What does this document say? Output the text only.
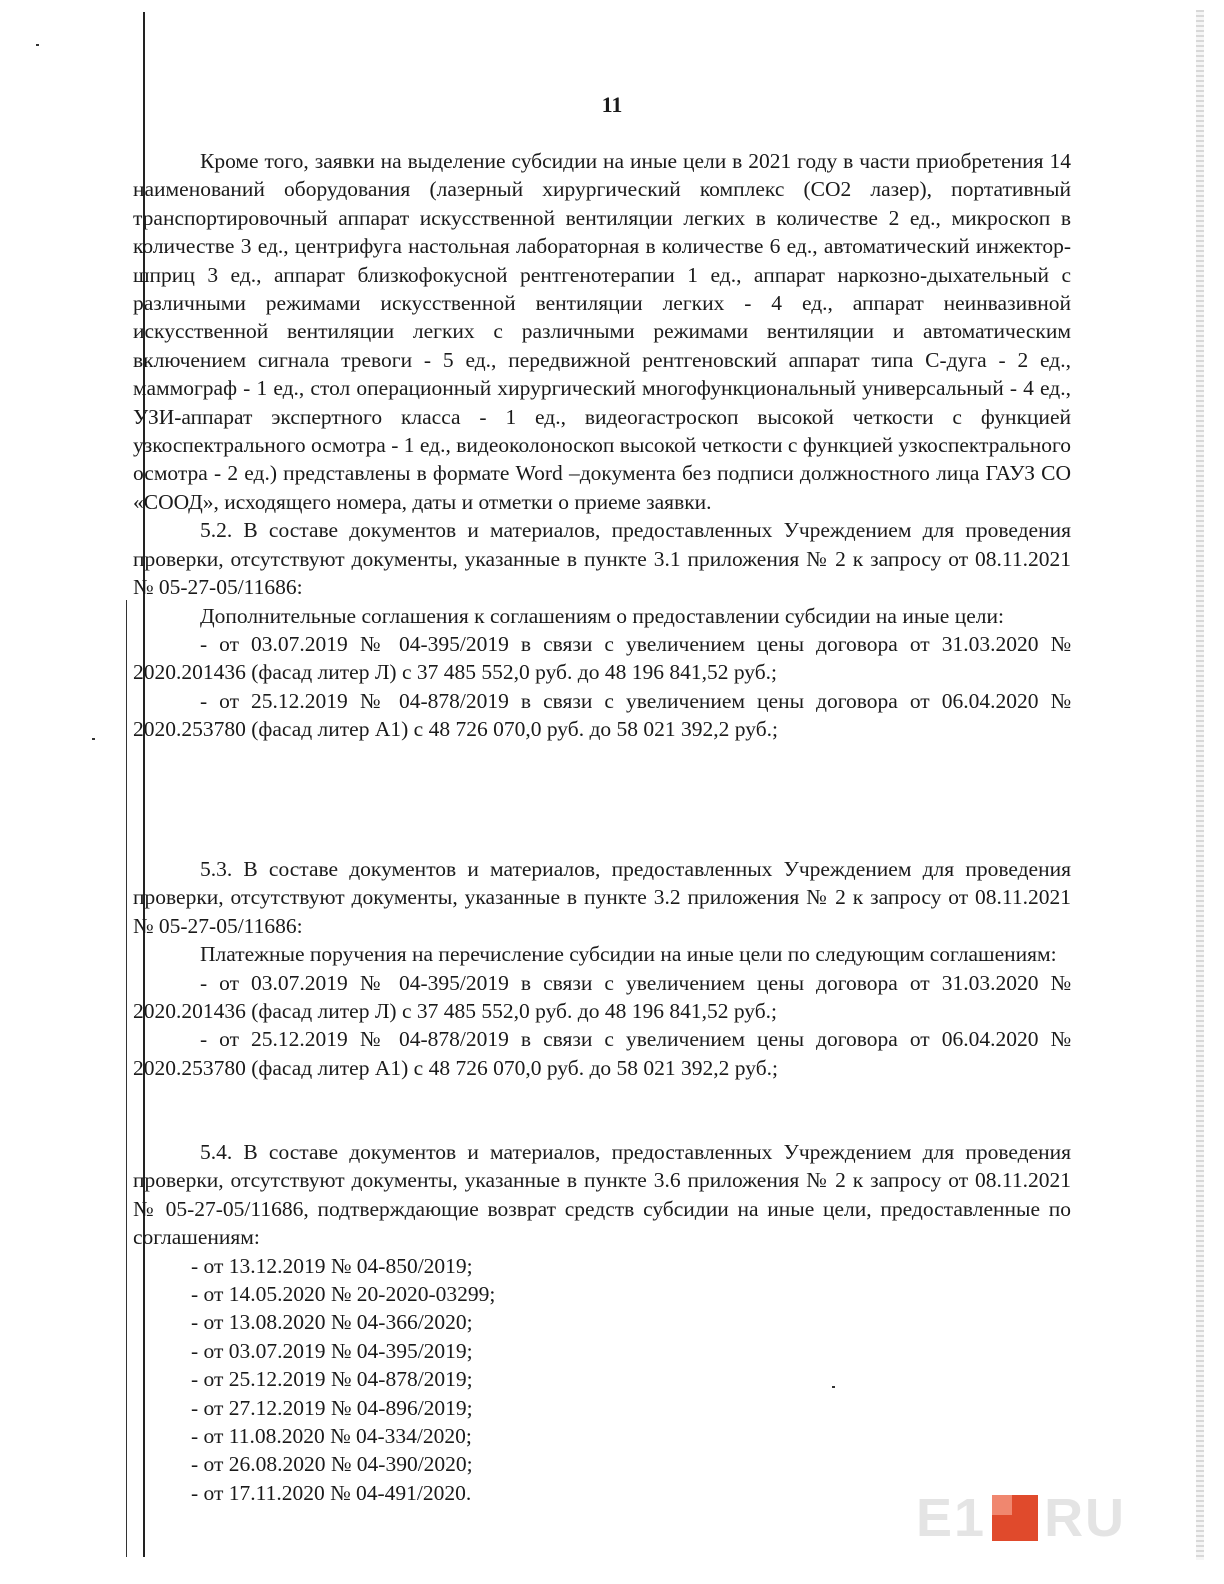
11

Кроме того, заявки на выделение субсидии на иные цели в 2021 году в части приобретения 14 наименований оборудования (лазерный хирургический комплекс (СО2 лазер), портативный транспортировочный аппарат искусственной вентиляции легких в количестве 2 ед., микроскоп в количестве 3 ед., центрифуга настольная лабораторная в количестве 6 ед., автоматический инжектор-шприц 3 ед., аппарат близкофокусной рентгенотерапии 1 ед., аппарат наркозно-дыхательный с различными режимами искусственной вентиляции легких - 4 ед., аппарат неинвазивной искусственной вентиляции легких с различными режимами вентиляции и автоматическим включением сигнала тревоги - 5 ед., передвижной рентгеновский аппарат типа С-дуга - 2 ед., маммограф - 1 ед., стол операционный хирургический многофункциональный универсальный - 4 ед., УЗИ-аппарат экспертного класса - 1 ед., видеогастроскоп высокой четкости с функцией узкоспектрального осмотра - 1 ед., видеоколоноскоп высокой четкости с функцией узкоспектрального осмотра - 2 ед.) представлены в формате Word –документа без подписи должностного лица ГАУЗ СО «СООД», исходящего номера, даты и отметки о приеме заявки.

5.2. В составе документов и материалов, предоставленных Учреждением для проведения проверки, отсутствуют документы, указанные в пункте 3.1 приложения № 2 к запросу от 08.11.2021 № 05-27-05/11686:

Дополнительные соглашения к соглашениям о предоставлении субсидии на иные цели:

- от 03.07.2019 № 04-395/2019 в связи с увеличением цены договора от 31.03.2020 № 2020.201436 (фасад литер Л) с 37 485 552,0 руб. до 48 196 841,52 руб.;

- от 25.12.2019 № 04-878/2019 в связи с увеличением цены договора от 06.04.2020 № 2020.253780 (фасад литер А1) с 48 726 070,0 руб. до 58 021 392,2 руб.;

5.3. В составе документов и материалов, предоставленных Учреждением для проведения проверки, отсутствуют документы, указанные в пункте 3.2 приложения № 2 к запросу от 08.11.2021 № 05-27-05/11686:

Платежные поручения на перечисление субсидии на иные цели по следующим соглашениям:

- от 03.07.2019 № 04-395/2019 в связи с увеличением цены договора от 31.03.2020 № 2020.201436 (фасад литер Л) с 37 485 552,0 руб. до 48 196 841,52 руб.;

- от 25.12.2019 № 04-878/2019 в связи с увеличением цены договора от 06.04.2020 № 2020.253780 (фасад литер А1) с 48 726 070,0 руб. до 58 021 392,2 руб.;

5.4. В составе документов и материалов, предоставленных Учреждением для проведения проверки, отсутствуют документы, указанные в пункте 3.6 приложения № 2 к запросу от 08.11.2021 № 05-27-05/11686, подтверждающие возврат средств субсидии на иные цели, предоставленные по соглашениям:

- от 13.12.2019 № 04-850/2019;
- от 14.05.2020 № 20-2020-03299;
- от 13.08.2020 № 04-366/2020;
- от 03.07.2019 № 04-395/2019;
- от 25.12.2019 № 04-878/2019;
- от 27.12.2019 № 04-896/2019;
- от 11.08.2020 № 04-334/2020;
- от 26.08.2020 № 04-390/2020;
- от 17.11.2020 № 04-491/2020.	E1 RU
